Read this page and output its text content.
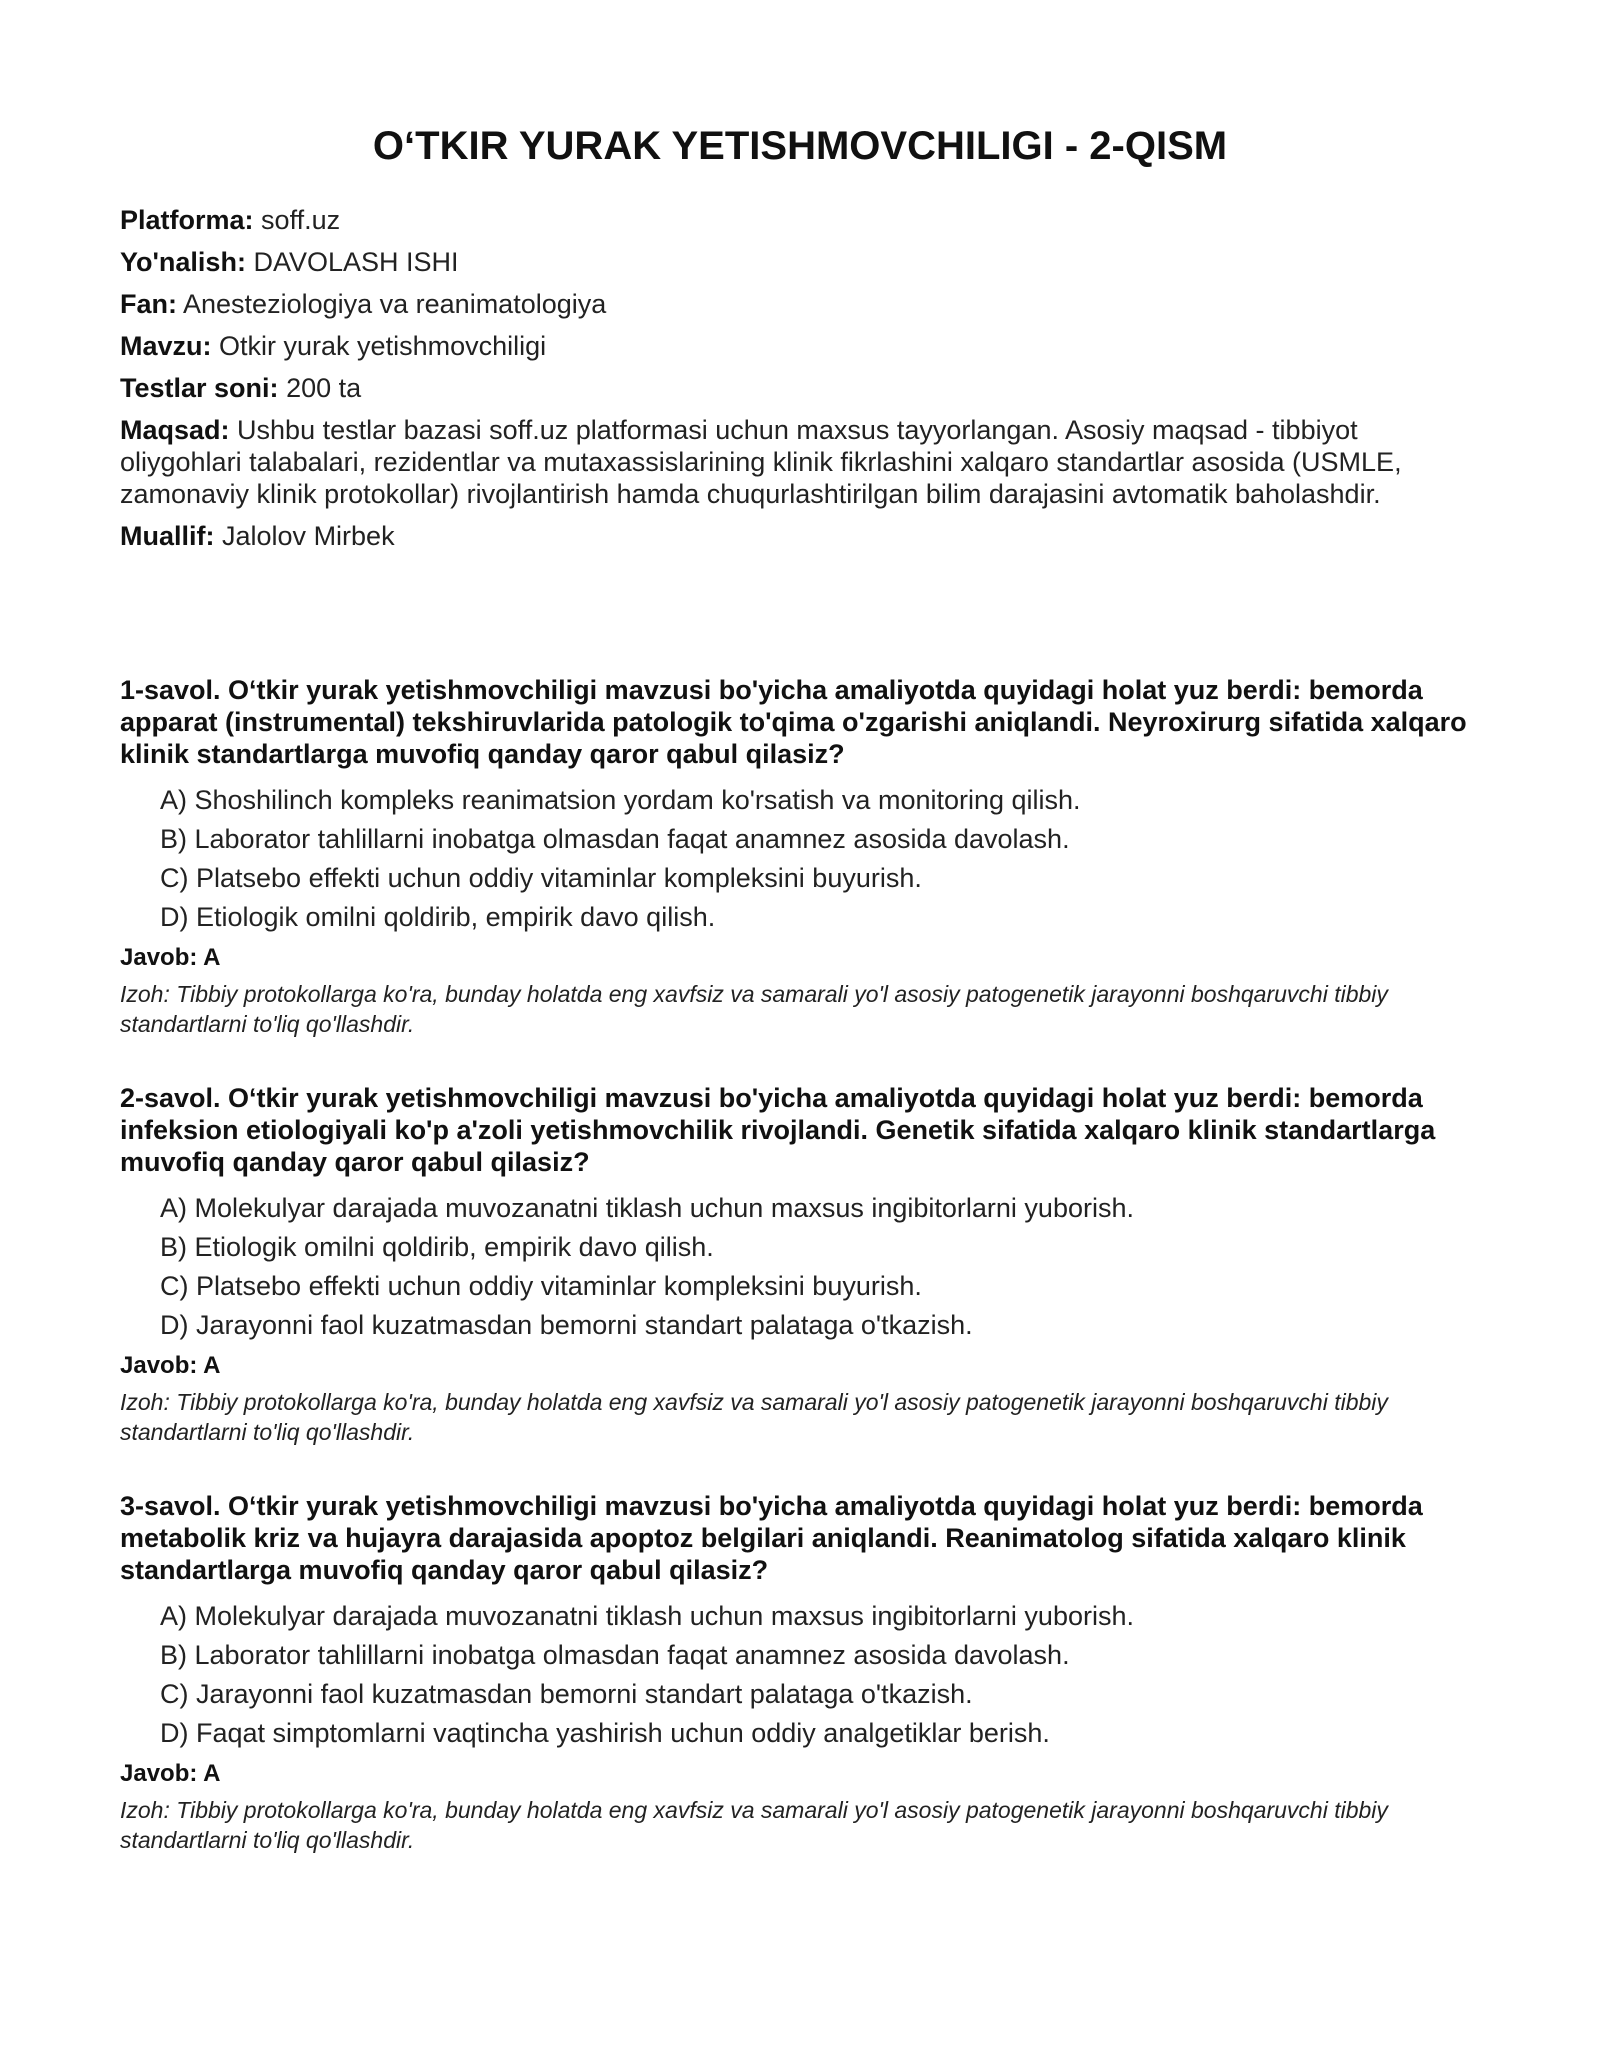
O‘TKIR YURAK YETISHMOVCHILIGI - 2-QISM

Platforma: soff.uz

Yo'nalish: DAVOLASH ISHI

Fan: Anesteziologiya va reanimatologiya

Mavzu: Otkir yurak yetishmovchiligi

Testlar soni: 200 ta

Maqsad: Ushbu testlar bazasi soff.uz platformasi uchun maxsus tayyorlangan. Asosiy maqsad - tibbiyot oliygohlari talabalari, rezidentlar va mutaxassislarining klinik fikrlashini xalqaro standartlar asosida (USMLE, zamonaviy klinik protokollar) rivojlantirish hamda chuqurlashtirilgan bilim darajasini avtomatik baholashdir.

Muallif: Jalolov Mirbek

1-savol. O‘tkir yurak yetishmovchiligi mavzusi bo'yicha amaliyotda quyidagi holat yuz berdi: bemorda apparat (instrumental) tekshiruvlarida patologik to'qima o'zgarishi aniqlandi. Neyroxirurg sifatida xalqaro klinik standartlarga muvofiq qanday qaror qabul qilasiz?

A) Shoshilinch kompleks reanimatsion yordam ko'rsatish va monitoring qilish.
B) Laborator tahlillarni inobatga olmasdan faqat anamnez asosida davolash.
C) Platsebo effekti uchun oddiy vitaminlar kompleksini buyurish.
D) Etiologik omilni qoldirib, empirik davo qilish.

Javob: A

Izoh: Tibbiy protokollarga ko'ra, bunday holatda eng xavfsiz va samarali yo'l asosiy patogenetik jarayonni boshqaruvchi tibbiy standartlarni to'liq qo'llashdir.

2-savol. O‘tkir yurak yetishmovchiligi mavzusi bo'yicha amaliyotda quyidagi holat yuz berdi: bemorda infeksion etiologiyali ko'p a'zoli yetishmovchilik rivojlandi. Genetik sifatida xalqaro klinik standartlarga muvofiq qanday qaror qabul qilasiz?

A) Molekulyar darajada muvozanatni tiklash uchun maxsus ingibitorlarni yuborish.
B) Etiologik omilni qoldirib, empirik davo qilish.
C) Platsebo effekti uchun oddiy vitaminlar kompleksini buyurish.
D) Jarayonni faol kuzatmasdan bemorni standart palataga o'tkazish.

Javob: A

Izoh: Tibbiy protokollarga ko'ra, bunday holatda eng xavfsiz va samarali yo'l asosiy patogenetik jarayonni boshqaruvchi tibbiy standartlarni to'liq qo'llashdir.

3-savol. O‘tkir yurak yetishmovchiligi mavzusi bo'yicha amaliyotda quyidagi holat yuz berdi: bemorda metabolik kriz va hujayra darajasida apoptoz belgilari aniqlandi. Reanimatolog sifatida xalqaro klinik standartlarga muvofiq qanday qaror qabul qilasiz?

A) Molekulyar darajada muvozanatni tiklash uchun maxsus ingibitorlarni yuborish.
B) Laborator tahlillarni inobatga olmasdan faqat anamnez asosida davolash.
C) Jarayonni faol kuzatmasdan bemorni standart palataga o'tkazish.
D) Faqat simptomlarni vaqtincha yashirish uchun oddiy analgetiklar berish.

Javob: A

Izoh: Tibbiy protokollarga ko'ra, bunday holatda eng xavfsiz va samarali yo'l asosiy patogenetik jarayonni boshqaruvchi tibbiy standartlarni to'liq qo'llashdir.
